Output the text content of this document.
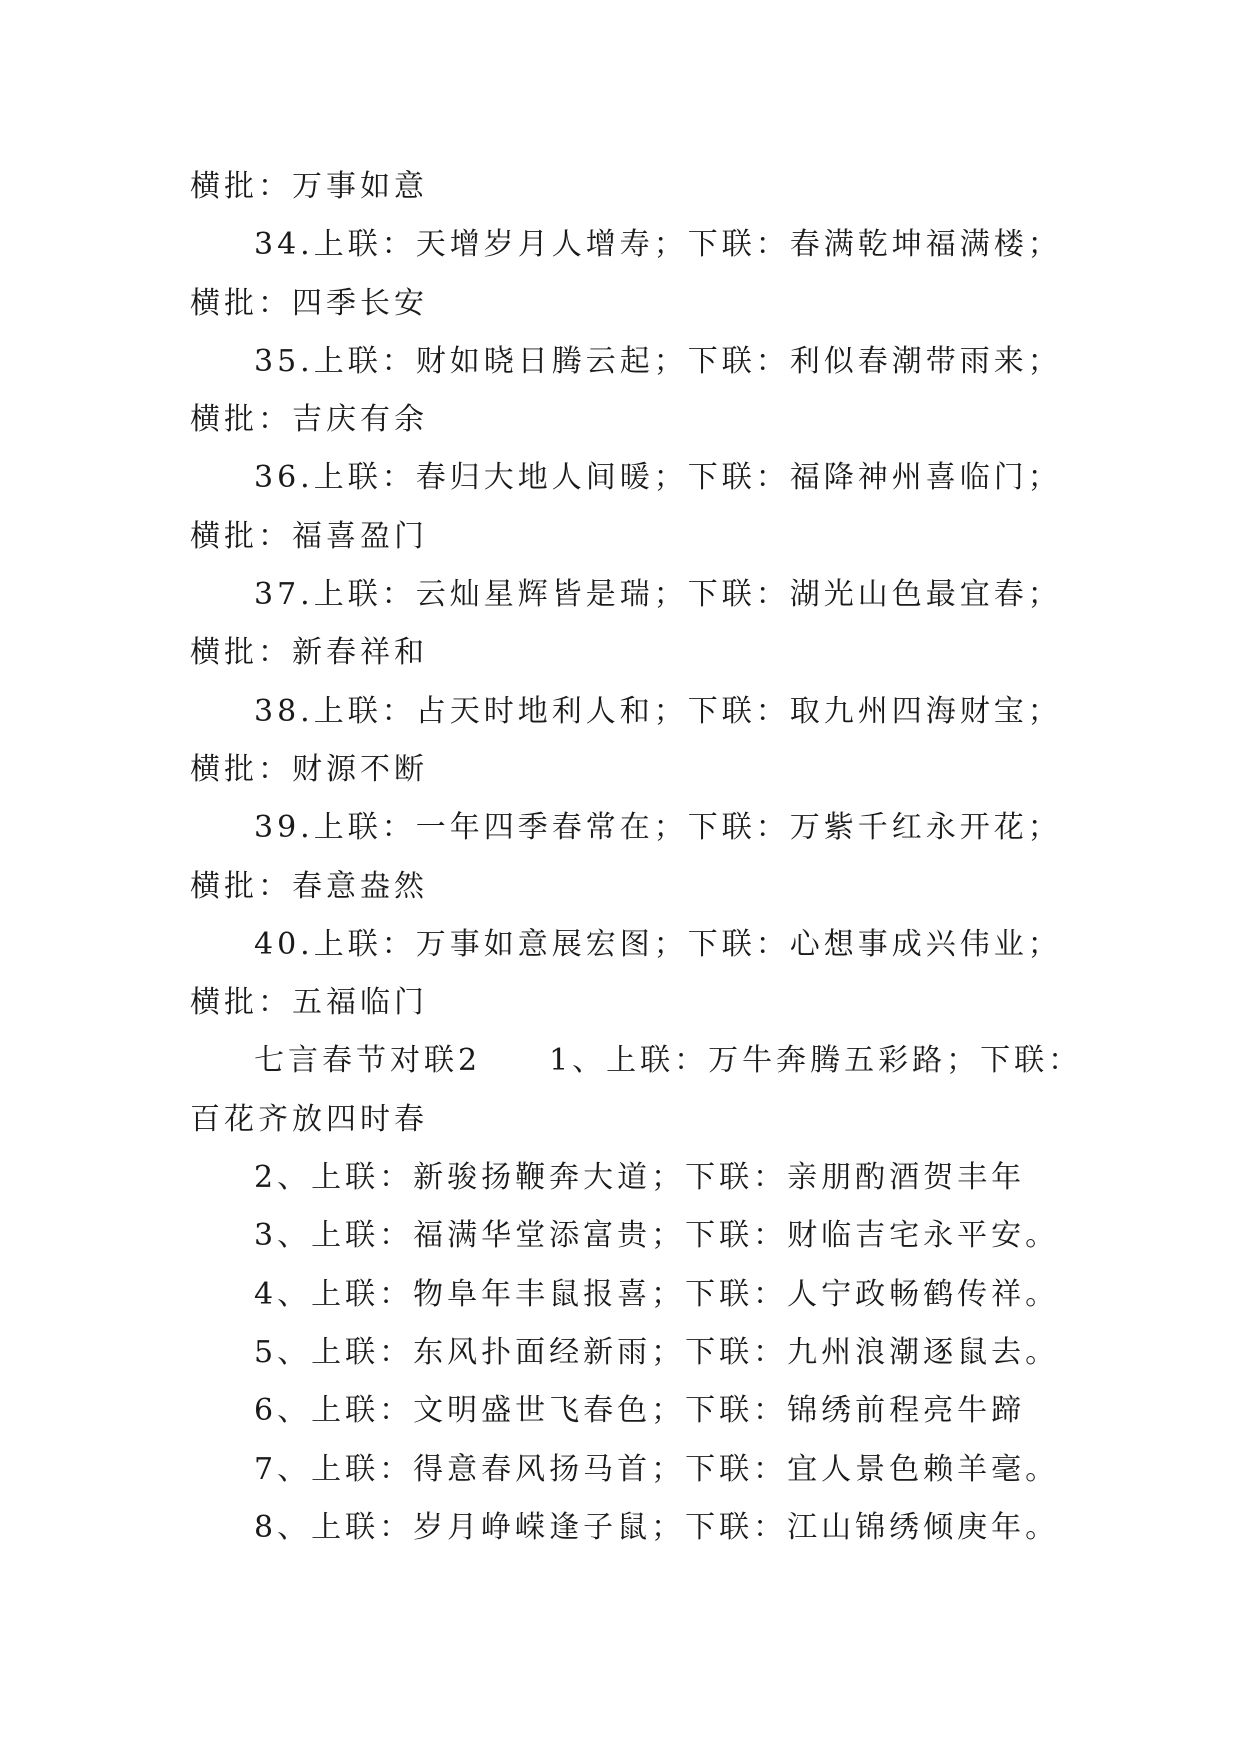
横批：万事如意
34.上联：天增岁月人增寿；下联：春满乾坤福满楼；
横批：四季长安
35.上联：财如晓日腾云起；下联：利似春潮带雨来；
横批：吉庆有余
36.上联：春归大地人间暖；下联：福降神州喜临门；
横批：福喜盈门
37.上联：云灿星辉皆是瑞；下联：湖光山色最宜春；
横批：新春祥和
38.上联：占天时地利人和；下联：取九州四海财宝；
横批：财源不断
39.上联：一年四季春常在；下联：万紫千红永开花；
横批：春意盎然
40.上联：万事如意展宏图；下联：心想事成兴伟业；
横批：五福临门
七言春节对联2　　1、上联：万牛奔腾五彩路；下联：
百花齐放四时春
2、上联：新骏扬鞭奔大道；下联：亲朋酌酒贺丰年
3、上联：福满华堂添富贵；下联：财临吉宅永平安。
4、上联：物阜年丰鼠报喜；下联：人宁政畅鹤传祥。
5、上联：东风扑面经新雨；下联：九州浪潮逐鼠去。
6、上联：文明盛世飞春色；下联：锦绣前程亮牛蹄
7、上联：得意春风扬马首；下联：宜人景色赖羊毫。
8、上联：岁月峥嵘逢子鼠；下联：江山锦绣倾庚年。
